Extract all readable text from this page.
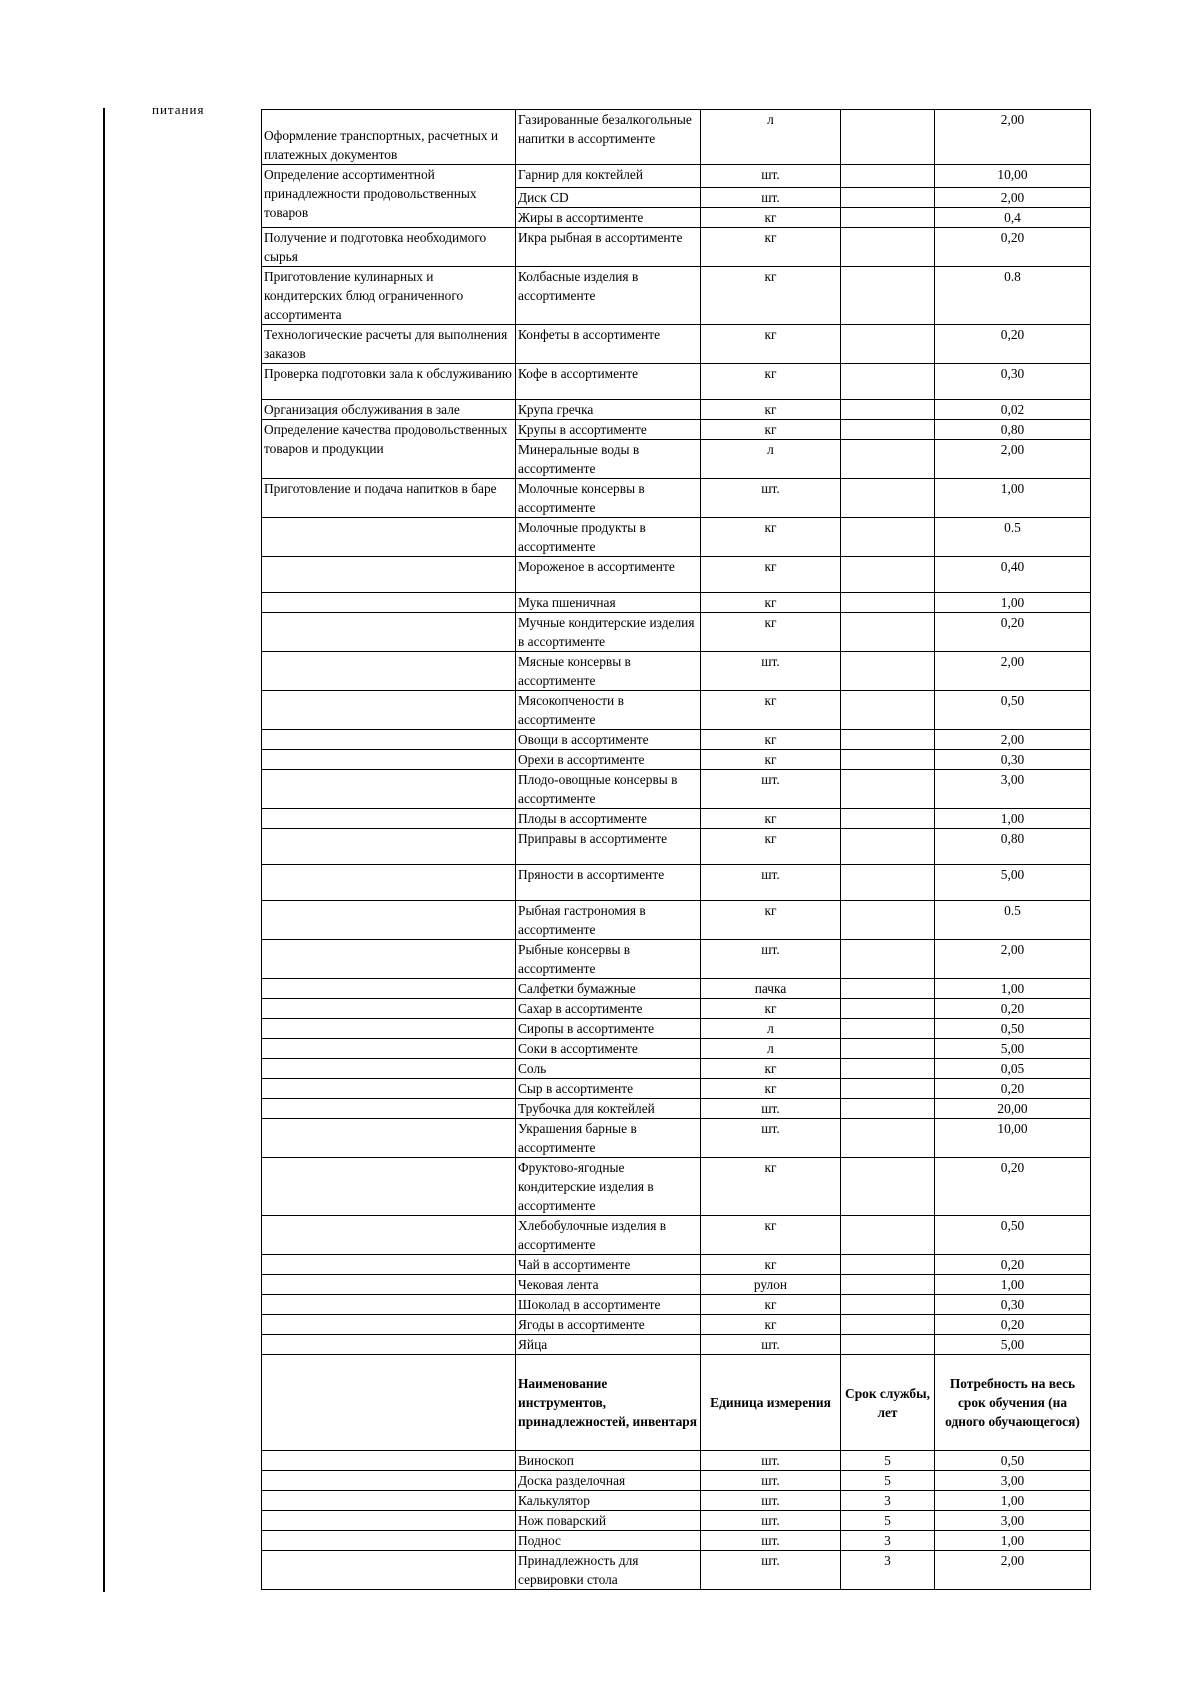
питания
Оформление транспортных, расчетных и платежных документов	Газированные безалкогольные напитки в ассортименте	л		2,00
Определение ассортиментной принадлежности продовольственных товаров	Гарнир для коктейлей	шт.		10,00
	Диск CD	шт.		2,00
	Жиры в ассортименте	кг		0,4
Получение и подготовка необходимого сырья	Икра рыбная в ассортименте	кг		0,20
Приготовление кулинарных и кондитерских блюд ограниченного ассортимента	Колбасные изделия в ассортименте	кг		0.8
Технологические расчеты для выполнения заказов	Конфеты в ассортименте	кг		0,20
Проверка подготовки зала к обслуживанию	Кофе в ассортименте	кг		0,30
Организация обслуживания в зале	Крупа гречка	кг		0,02
Определение качества продовольственных товаров и продукции	Крупы в ассортименте	кг		0,80
	Минеральные воды в ассортименте	л		2,00
Приготовление и подача напитков в баре	Молочные консервы в ассортименте	шт.		1,00
	Молочные продукты в ассортименте	кг		0.5
	Мороженое в ассортименте	кг		0,40
	Мука пшеничная	кг		1,00
	Мучные кондитерские изделия в ассортименте	кг		0,20
	Мясные консервы в ассортименте	шт.		2,00
	Мясокопчености в ассортименте	кг		0,50
	Овощи в ассортименте	кг		2,00
	Орехи в ассортименте	кг		0,30
	Плодо-овощные консервы в ассортименте	шт.		3,00
	Плоды в ассортименте	кг		1,00
	Приправы в ассортименте	кг		0,80
	Пряности в ассортименте	шт.		5,00
	Рыбная гастрономия в ассортименте	кг		0.5
	Рыбные консервы в ассортименте	шт.		2,00
	Салфетки бумажные	пачка		1,00
	Сахар в ассортименте	кг		0,20
	Сиропы в ассортименте	л		0,50
	Соки в ассортименте	л		5,00
	Соль	кг		0,05
	Сыр в ассортименте	кг		0,20
	Трубочка для коктейлей	шт.		20,00
	Украшения барные в ассортименте	шт.		10,00
	Фруктово-ягодные кондитерские изделия в ассортименте	кг		0,20
	Хлебобулочные изделия в ассортименте	кг		0,50
	Чай в ассортименте	кг		0,20
	Чековая лента	рулон		1,00
	Шоколад в ассортименте	кг		0,30
	Ягоды в ассортименте	кг		0,20
	Яйца	шт.		5,00
	Наименование инструментов, принадлежностей, инвентаря	Единица измерения	Срок службы, лет	Потребность на весь срок обучения (на одного обучающегося)
	Виноскоп	шт.	5	0,50
	Доска разделочная	шт.	5	3,00
	Калькулятор	шт.	3	1,00
	Нож поварский	шт.	5	3,00
	Поднос	шт.	3	1,00
	Принадлежность для сервировки стола	шт.	3	2,00
